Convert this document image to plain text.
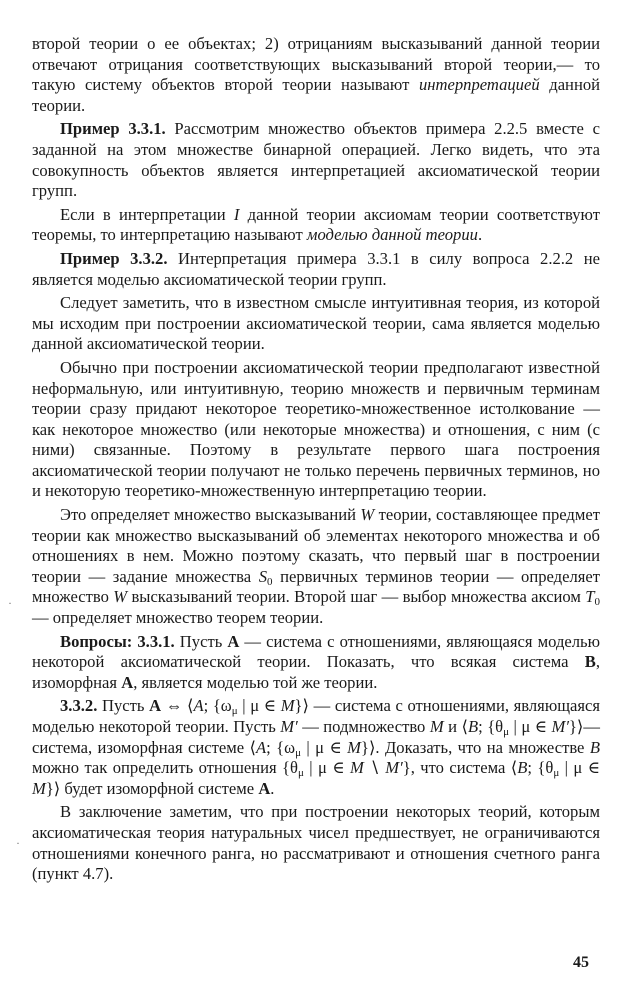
второй теории о ее объектах; 2) отрицаниям высказываний данной теории отвечают отрицания соответствующих высказываний второй теории,— то такую систему объектов второй теории называют интерпретацией данной теории.

Пример 3.3.1. Рассмотрим множество объектов примера 2.2.5 вместе с заданной на этом множестве бинарной операцией. Легко видеть, что эта совокупность объектов является интерпретацией аксиоматической теории групп.

Если в интерпретации I данной теории аксиомам теории соответствуют теоремы, то интерпретацию называют моделью данной теории.

Пример 3.3.2. Интерпретация примера 3.3.1 в силу вопроса 2.2.2 не является моделью аксиоматической теории групп.

Следует заметить, что в известном смысле интуитивная теория, из которой мы исходим при построении аксиоматической теории, сама является моделью данной аксиоматической теории.

Обычно при построении аксиоматической теории предполагают известной неформальную, или интуитивную, теорию множеств и первичным терминам теории сразу придают некоторое теоретико-множественное истолкование — как некоторое множество (или некоторые множества) и отношения, с ним (с ними) связанные. Поэтому в результате первого шага построения аксиоматической теории получают не только перечень первичных терминов, но и некоторую теоретико-множественную интерпретацию теории.

Это определяет множество высказываний W теории, составляющее предмет теории как множество высказываний об элементах некоторого множества и об отношениях в нем. Можно поэтому сказать, что первый шаг в построении теории — задание множества $S_0$ первичных терминов теории — определяет множество W высказываний теории. Второй шаг — выбор множества аксиом $T_0$ — определяет множество теорем теории.

Вопросы: 3.3.1. Пусть A — система с отношениями, являющаяся моделью некоторой аксиоматической теории. Показать, что всякая система B, изоморфная A, является моделью той же теории.

3.3.2. Пусть A ⇔ ⟨A; {$\omega_\mu$ | μ ∈ M}⟩ — система с отношениями, являющаяся моделью некоторой теории. Пусть M′ — подмножество M и ⟨B; {$\theta_\mu$ | μ ∈ M′}⟩—система, изоморфная системе ⟨A; {$\omega_\mu$ | μ ∈ M}⟩. Доказать, что на множестве B можно так определить отношения {$\theta_\mu$ | μ ∈ M ∖ M′}, что система ⟨B; {$\theta_\mu$ | μ ∈ M}⟩ будет изоморфной системе A.

В заключение заметим, что при построении некоторых теорий, которым аксиоматическая теория натуральных чисел предшествует, не ограничиваются отношениями конечного ранга, но рассматривают и отношения счетного ранга (пункт 4.7).

45
·
·
